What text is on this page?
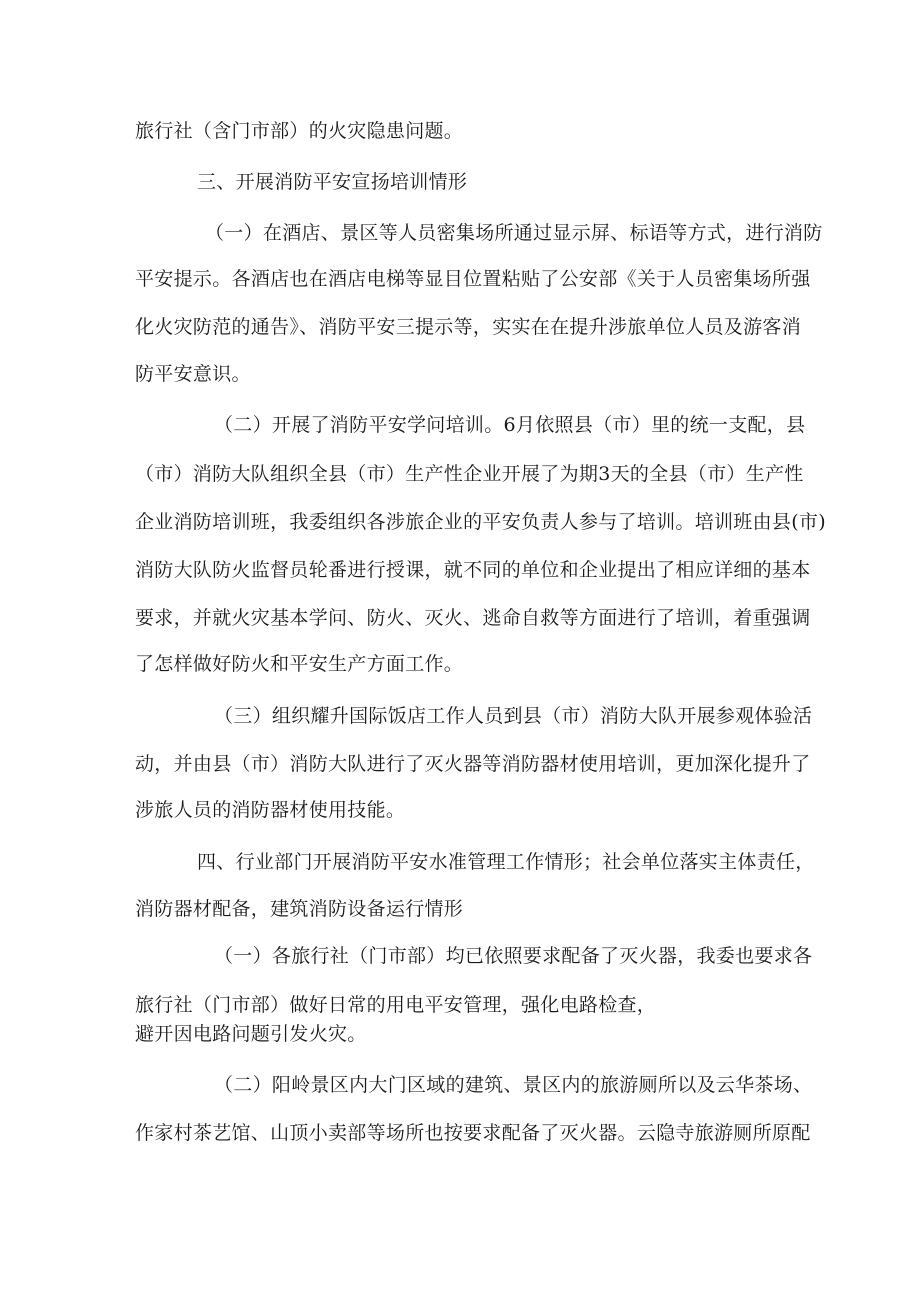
旅行社（含门市部）的火灾隐患问题。
三、开展消防平安宣扬培训情形
（一）在酒店、景区等人员密集场所通过显示屏、标语等方式，进行消防
平安提示。各酒店也在酒店电梯等显目位置粘贴了公安部《关于人员密集场所强
化火灾防范的通告》、消防平安三提示等，实实在在提升涉旅单位人员及游客消
防平安意识。
（二）开展了消防平安学问培训。6月依照县（市）里的统一支配，县
（市）消防大队组织全县（市）生产性企业开展了为期3天的全县（市）生产性
企业消防培训班，我委组织各涉旅企业的平安负责人参与了培训。培训班由县(市)
消防大队防火监督员轮番进行授课，就不同的单位和企业提出了相应详细的基本
要求，并就火灾基本学问、防火、灭火、逃命自救等方面进行了培训，着重强调
了怎样做好防火和平安生产方面工作。
（三）组织耀升国际饭店工作人员到县（市）消防大队开展参观体验活
动，并由县（市）消防大队进行了灭火器等消防器材使用培训，更加深化提升了
涉旅人员的消防器材使用技能。
四、行业部门开展消防平安水准管理工作情形；社会单位落实主体责任，
消防器材配备，建筑消防设备运行情形
（一）各旅行社（门市部）均已依照要求配备了灭火器，我委也要求各
旅行社（门市部）做好日常的用电平安管理，强化电路检查，
避开因电路问题引发火灾。
（二）阳岭景区内大门区域的建筑、景区内的旅游厕所以及云华茶场、
作家村茶艺馆、山顶小卖部等场所也按要求配备了灭火器。云隐寺旅游厕所原配
